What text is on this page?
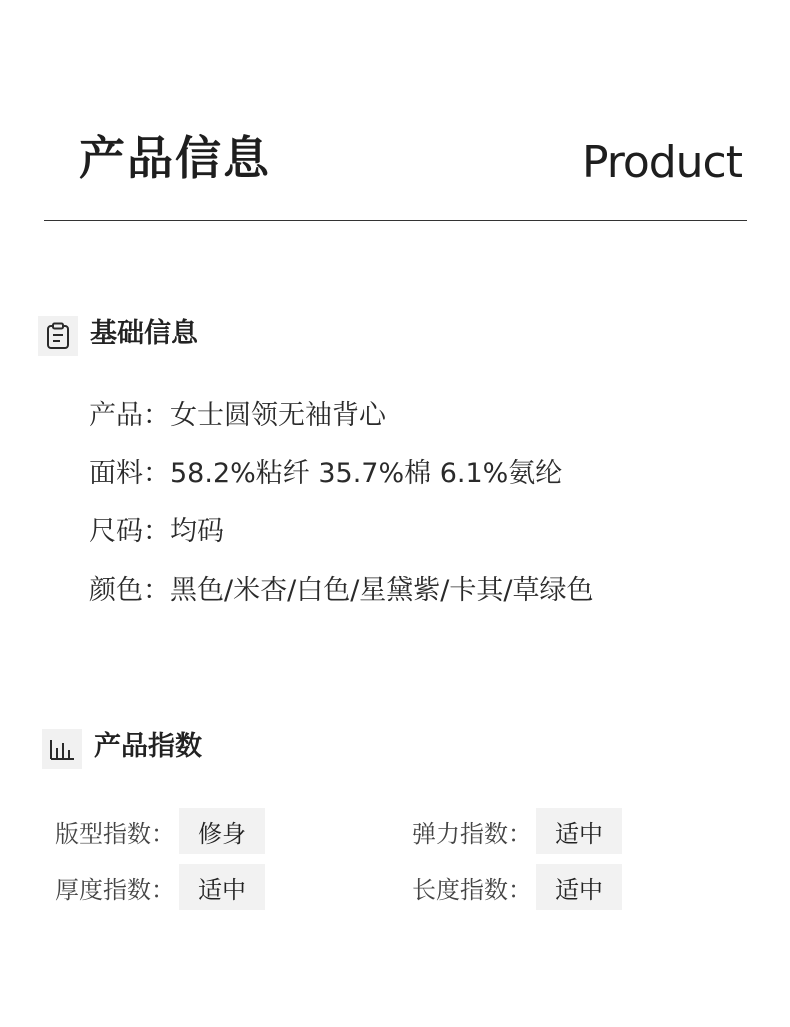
产品信息	Product
基础信息
产品：女士圆领无袖背心
面料：58.2%粘纤 35.7%棉 6.1%氨纶
尺码：均码
颜色：黑色/米杏/白色/星黛紫/卡其/草绿色
产品指数
版型指数： 修身	弹力指数： 适中
厚度指数： 适中	长度指数： 适中
